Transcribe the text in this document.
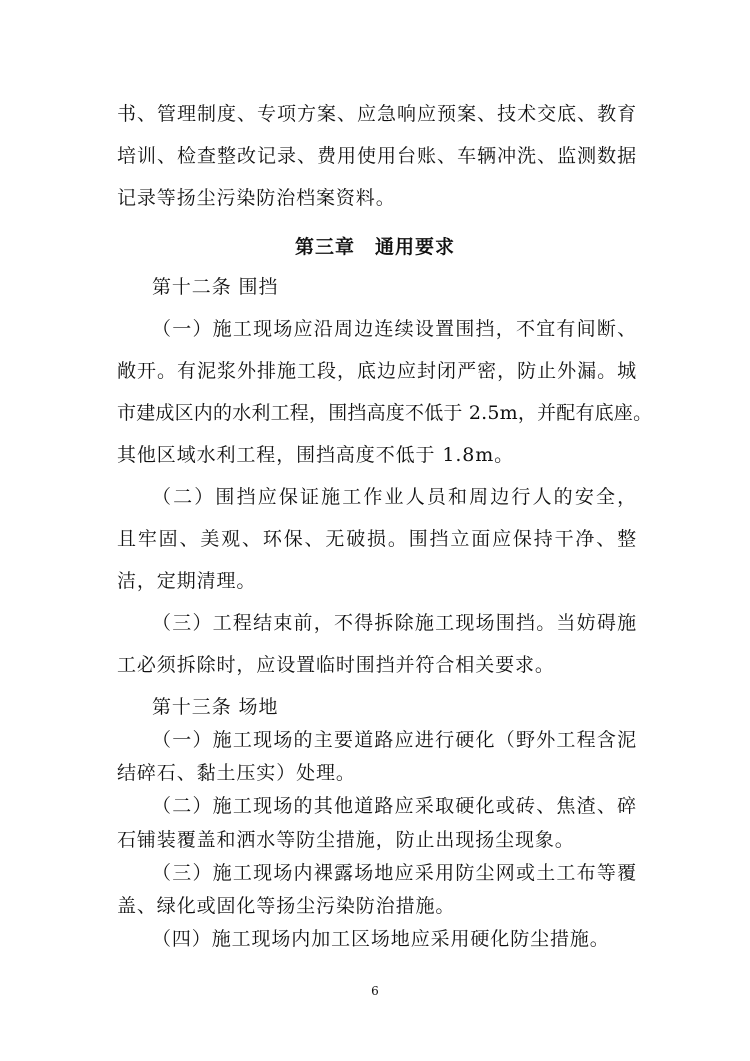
书、管理制度、专项方案、应急响应预案、技术交底、教育
培训、检查整改记录、费用使用台账、车辆冲洗、监测数据
记录等扬尘污染防治档案资料。
第三章　通用要求
第十二条 围挡
（一）施工现场应沿周边连续设置围挡，不宜有间断、
敞开。有泥浆外排施工段，底边应封闭严密，防止外漏。城
市建成区内的水利工程，围挡高度不低于 2.5m，并配有底座。
其他区域水利工程，围挡高度不低于 1.8m。
（二）围挡应保证施工作业人员和周边行人的安全，
且牢固、美观、环保、无破损。围挡立面应保持干净、整
洁，定期清理。
（三）工程结束前，不得拆除施工现场围挡。当妨碍施
工必须拆除时，应设置临时围挡并符合相关要求。
第十三条 场地
（一）施工现场的主要道路应进行硬化（野外工程含泥
结碎石、黏土压实）处理。
（二）施工现场的其他道路应采取硬化或砖、焦渣、碎
石铺装覆盖和洒水等防尘措施，防止出现扬尘现象。
（三）施工现场内裸露场地应采用防尘网或土工布等覆
盖、绿化或固化等扬尘污染防治措施。
6
（四）施工现场内加工区场地应采用硬化防尘措施。
